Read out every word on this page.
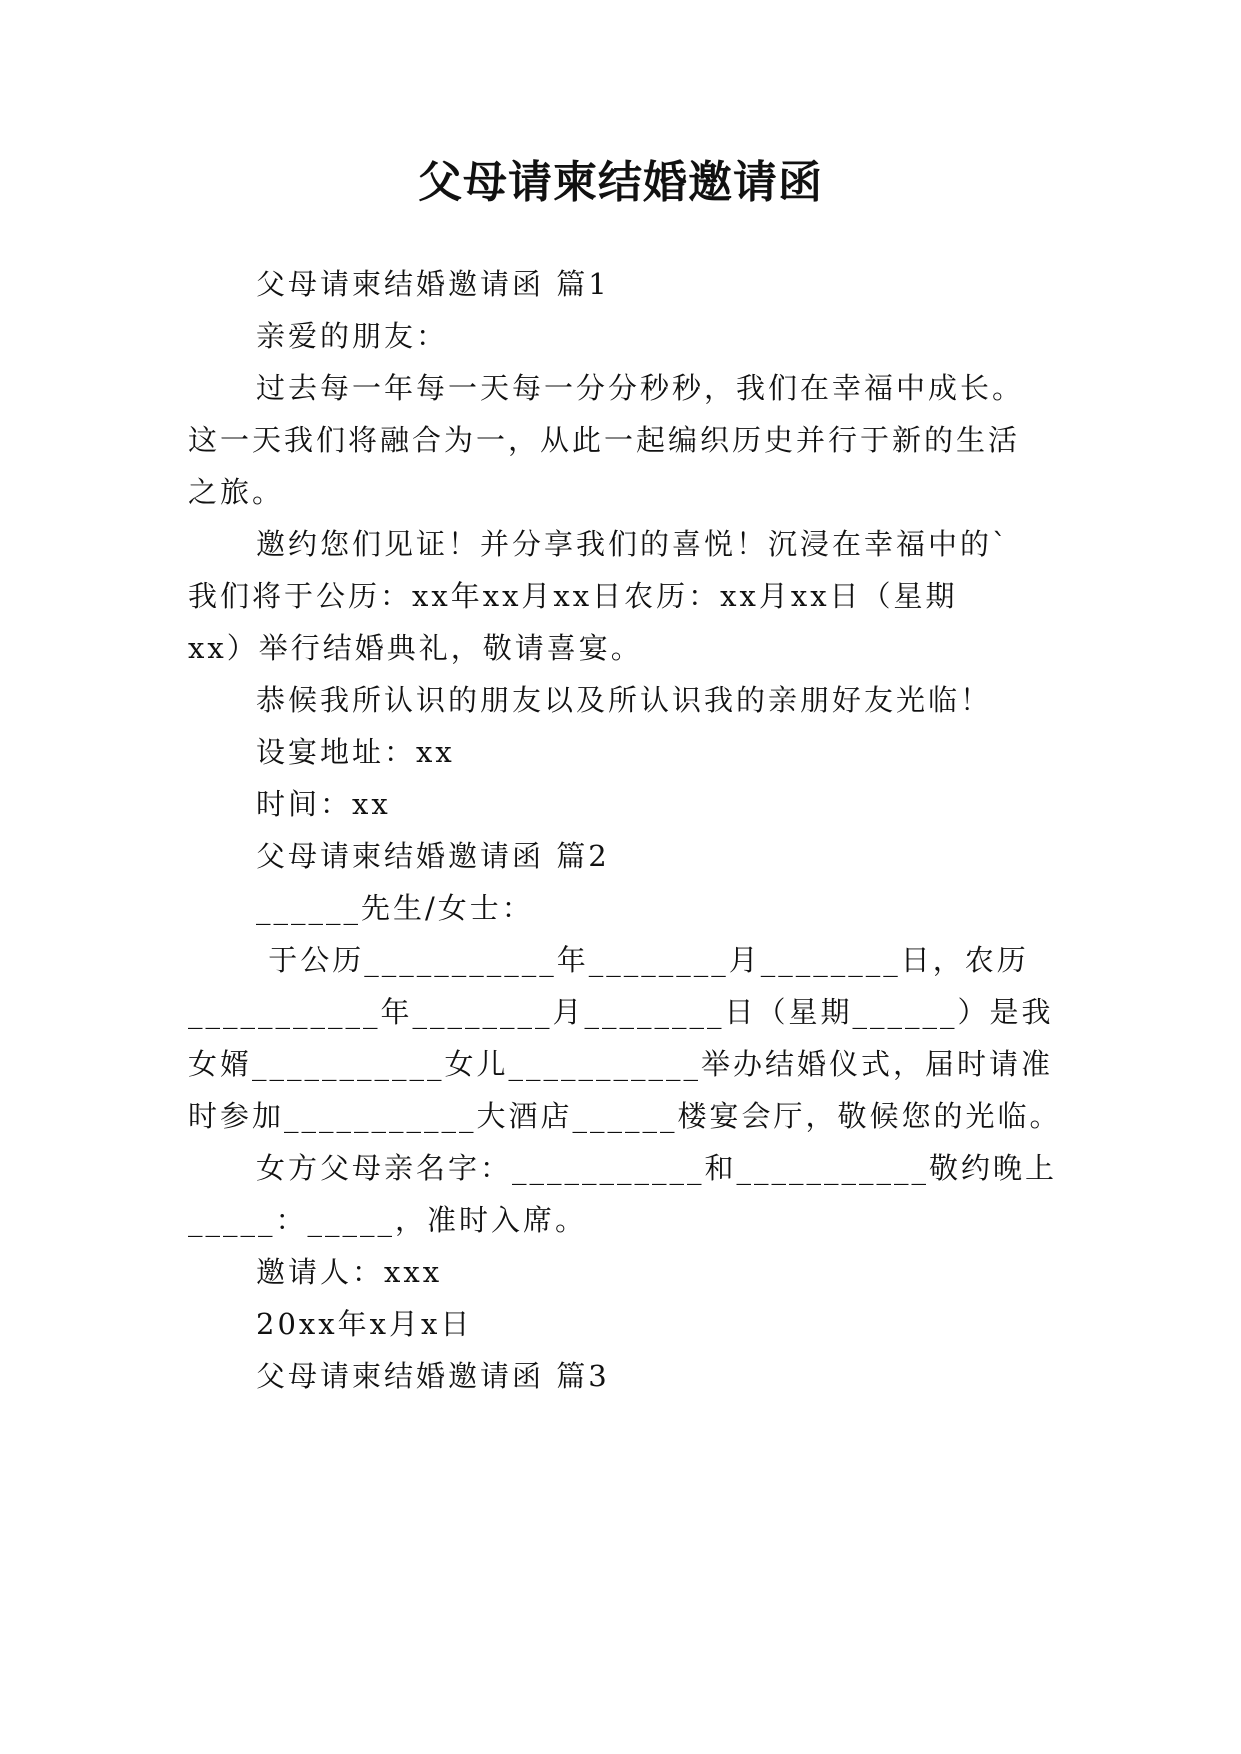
父母请柬结婚邀请函
父母请柬结婚邀请函 篇1
亲爱的朋友：
过去每一年每一天每一分分秒秒，我们在幸福中成长。
这一天我们将融合为一，从此一起编织历史并行于新的生活
之旅。
邀约您们见证！并分享我们的喜悦！沉浸在幸福中的`
我们将于公历：xx年xx月xx日农历：xx月xx日（星期
xx）举行结婚典礼，敬请喜宴。
恭候我所认识的朋友以及所认识我的亲朋好友光临！
设宴地址：xx
时间：xx
父母请柬结婚邀请函 篇2
______先生/女士：
于公历___________年________月________日，农历
___________年________月________日（星期______）是我
女婿___________女儿___________举办结婚仪式，届时请准
时参加___________大酒店______楼宴会厅，敬候您的光临。
女方父母亲名字：___________和___________敬约晚上
_____：_____，准时入席。
邀请人：xxx
20xx年x月x日
父母请柬结婚邀请函 篇3
